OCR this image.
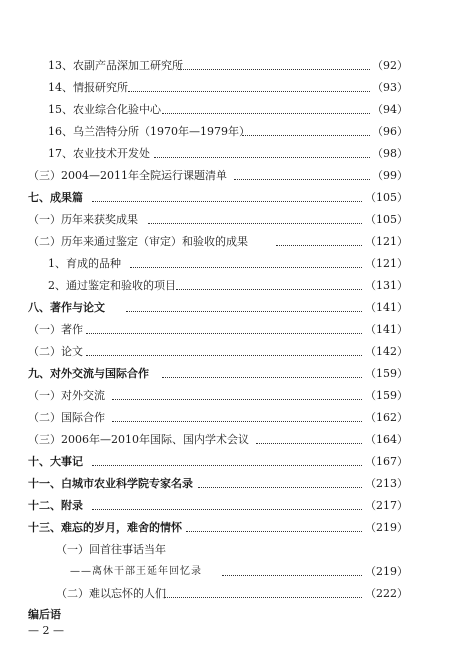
13、农副产品深加工研究所	（92）
14、情报研究所	（93）
15、农业综合化验中心	（94）
16、乌兰浩特分所（1970年—1979年）	（96）
17、农业技术开发处	（98）
（三）2004—2011年全院运行课题清单	（99）
七、成果篇	（105）
（一）历年来获奖成果	（105）
（二）历年来通过鉴定（审定）和验收的成果	（121）
1、育成的品种	（121）
2、通过鉴定和验收的项目	（131）
八、著作与论文	（141）
（一）著作	（141）
（二）论文	（142）
九、对外交流与国际合作	（159）
（一）对外交流	（159）
（二）国际合作	（162）
（三）2006年—2010年国际、国内学术会议	（164）
十、大事记	（167）
十一、白城市农业科学院专家名录	（213）
十二、附录	（217）
十三、难忘的岁月，难舍的情怀	（219）
（一）回首往事话当年
——离休干部王延年回忆录	（219）
（二）难以忘怀的人们	（222）
编后语
— 2 —
